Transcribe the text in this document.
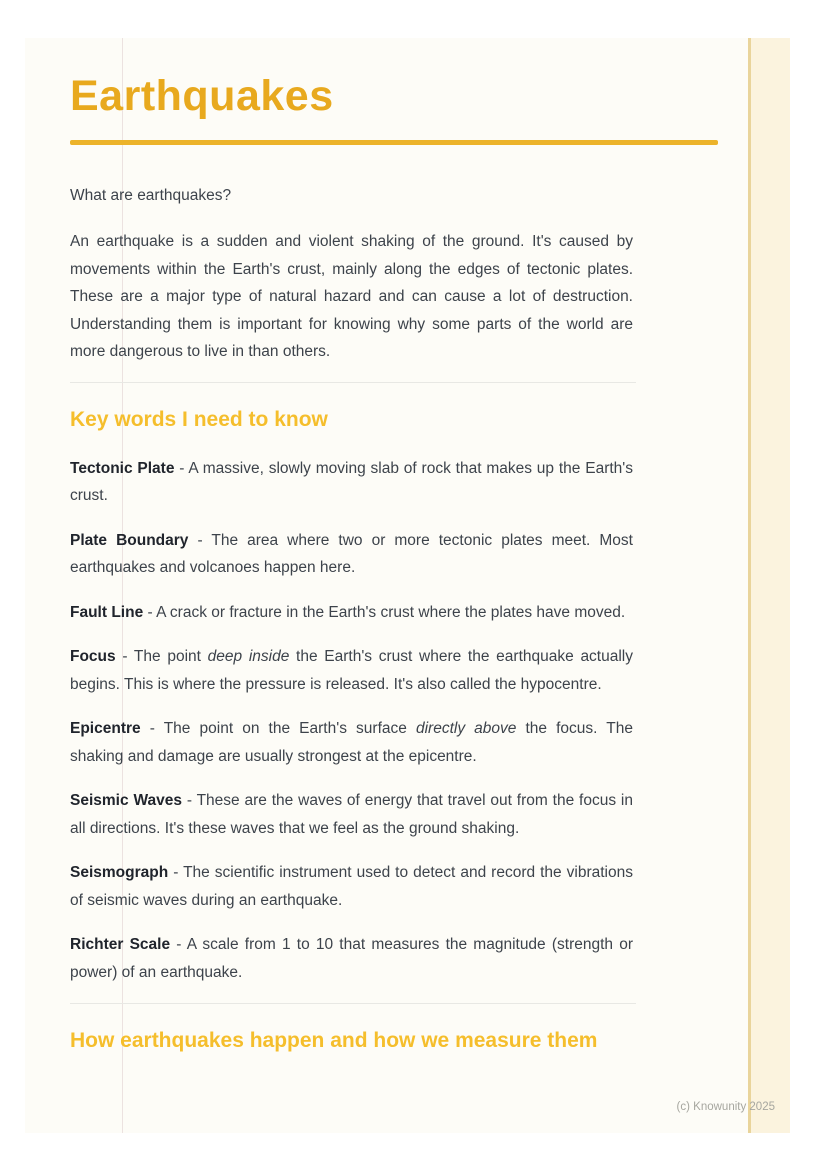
Earthquakes

What are earthquakes?

An earthquake is a sudden and violent shaking of the ground. It's caused by movements within the Earth's crust, mainly along the edges of tectonic plates. These are a major type of natural hazard and can cause a lot of destruction. Understanding them is important for knowing why some parts of the world are more dangerous to live in than others.

Key words I need to know

Tectonic Plate - A massive, slowly moving slab of rock that makes up the Earth's crust.

Plate Boundary - The area where two or more tectonic plates meet. Most earthquakes and volcanoes happen here.

Fault Line - A crack or fracture in the Earth's crust where the plates have moved.

Focus - The point deep inside the Earth's crust where the earthquake actually begins. This is where the pressure is released. It's also called the hypocentre.

Epicentre - The point on the Earth's surface directly above the focus. The shaking and damage are usually strongest at the epicentre.

Seismic Waves - These are the waves of energy that travel out from the focus in all directions. It's these waves that we feel as the ground shaking.

Seismograph - The scientific instrument used to detect and record the vibrations of seismic waves during an earthquake.

Richter Scale - A scale from 1 to 10 that measures the magnitude (strength or power) of an earthquake.

How earthquakes happen and how we measure them
(c) Knowunity 2025
